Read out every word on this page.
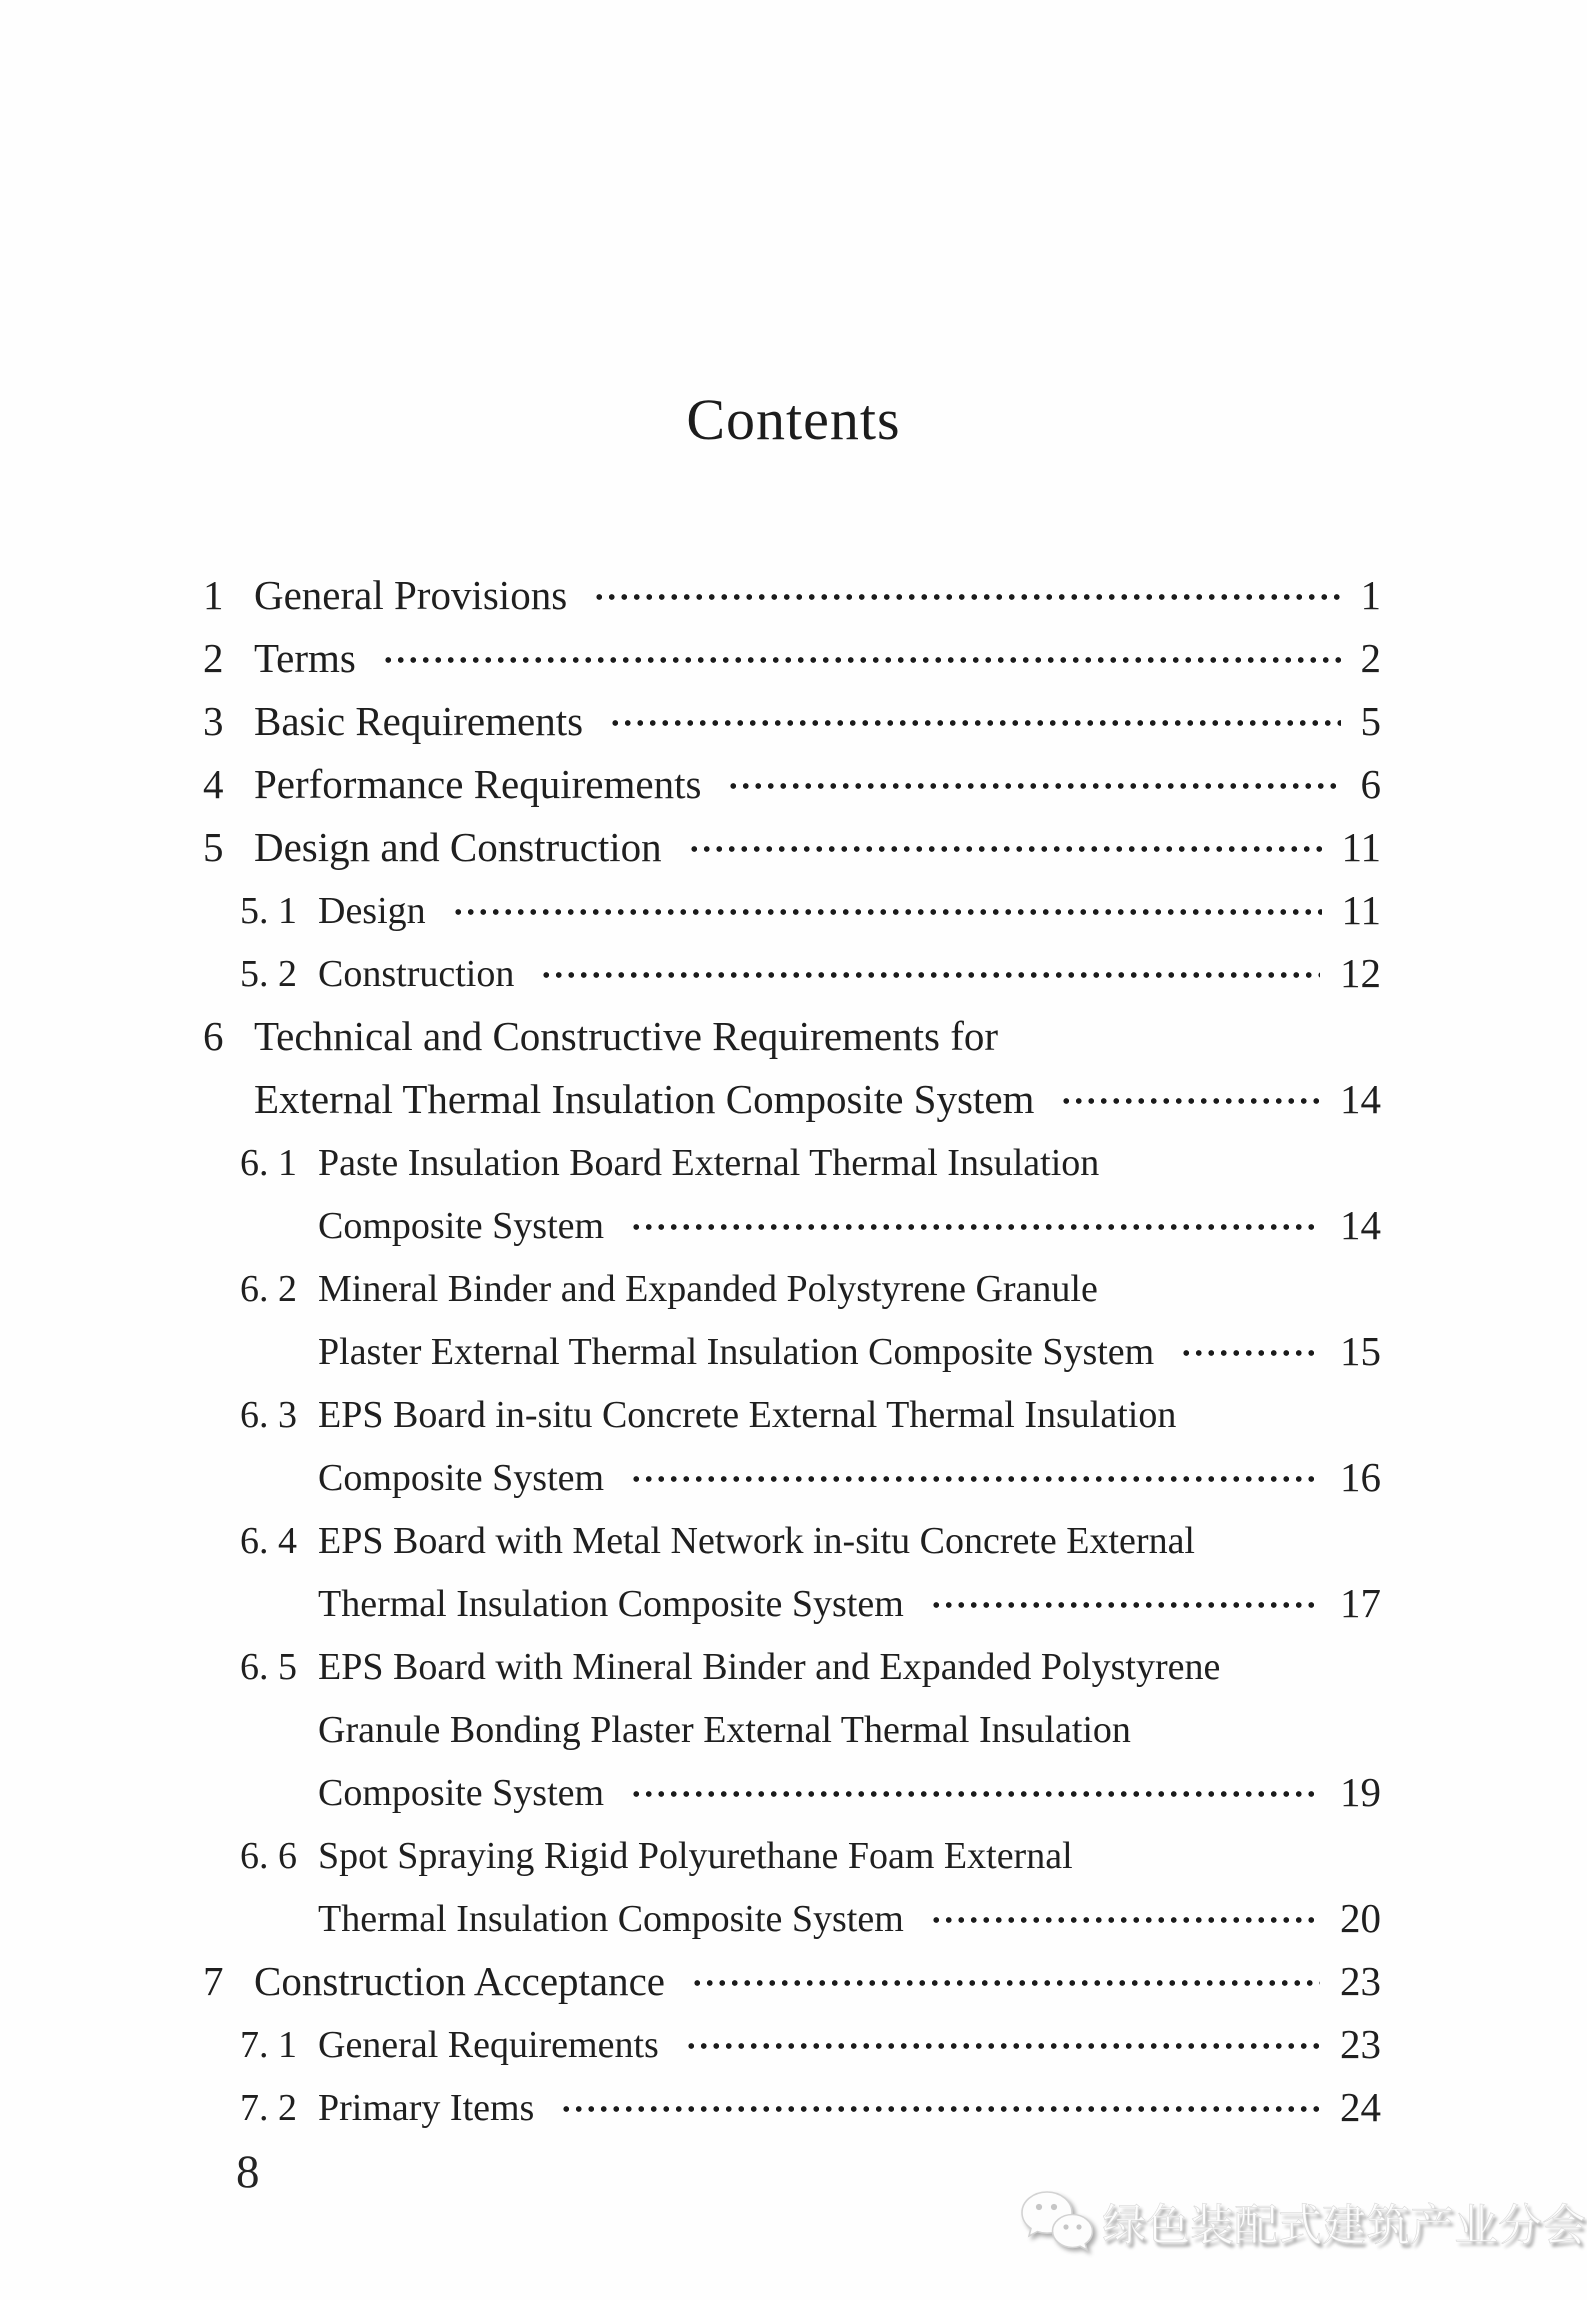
Contents
1 General Provisions	1
2 Terms	2
3 Basic Requirements	5
4 Performance Requirements	6
5 Design and Construction	11
5. 1 Design	11
5. 2 Construction	12
6 Technical and Constructive Requirements for
External Thermal Insulation Composite System	14
6. 1 Paste Insulation Board External Thermal Insulation
Composite System	14
6. 2 Mineral Binder and Expanded Polystyrene Granule
Plaster External Thermal Insulation Composite System	15
6. 3 EPS Board in-situ Concrete External Thermal Insulation
Composite System	16
6. 4 EPS Board with Metal Network in-situ Concrete External
Thermal Insulation Composite System	17
6. 5 EPS Board with Mineral Binder and Expanded Polystyrene
Granule Bonding Plaster External Thermal Insulation
Composite System	19
6. 6 Spot Spraying Rigid Polyurethane Foam External
Thermal Insulation Composite System	20
7 Construction Acceptance	23
7. 1 General Requirements	23
7. 2 Primary Items	24
8
绿色装配式建筑产业分会
